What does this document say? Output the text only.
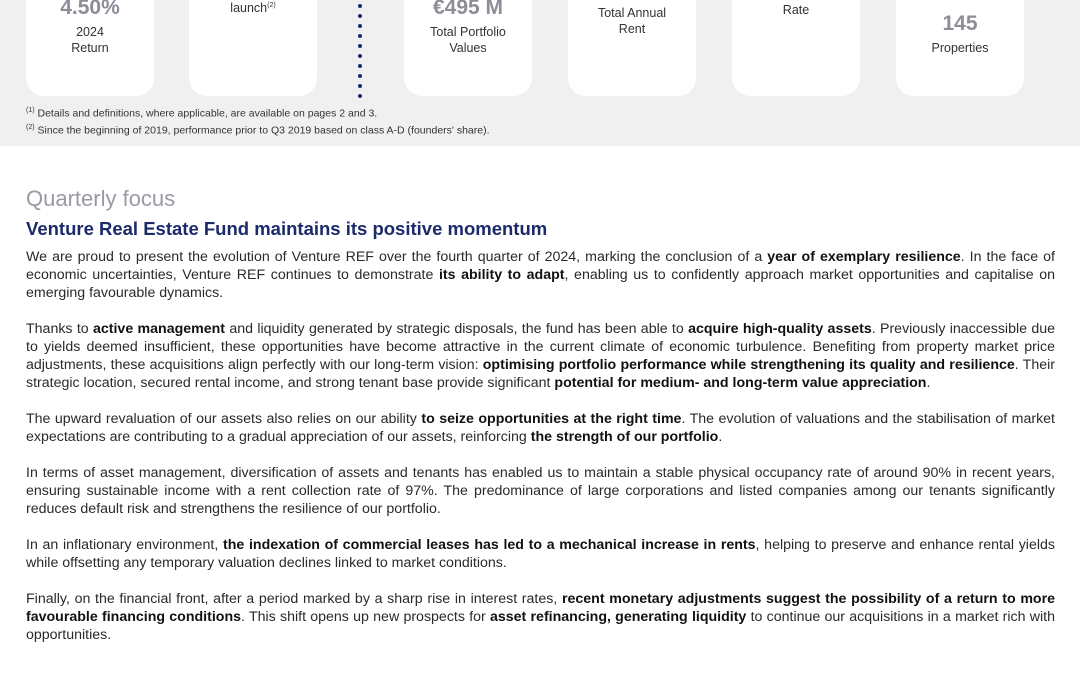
4.50%
2024
Return
launch$^{(2)}$	€495 M
Total Portfolio
Values
Total Annual
Rent
Rate
145
Properties
$^{(1)}$ Details and definitions, where applicable, are available on pages 2 and 3.
$^{(2)}$ Since the beginning of 2019, performance prior to Q3 2019 based on class A-D (founders' share).
Quarterly focus
Venture Real Estate Fund maintains its positive momentum

We are proud to present the evolution of Venture REF over the fourth quarter of 2024, marking the conclusion of a year of exemplary resilience. In the face of economic uncertainties, Venture REF continues to demonstrate its ability to adapt, enabling us to confidently approach market opportunities and capitalise on emerging favourable dynamics.

Thanks to active management and liquidity generated by strategic disposals, the fund has been able to acquire high-quality assets. Previously inaccessible due to yields deemed insufficient, these opportunities have become attractive in the current climate of economic turbulence. Benefiting from property market price adjustments, these acquisitions align perfectly with our long-term vision: optimising portfolio performance while strengthening its quality and resilience. Their strategic location, secured rental income, and strong tenant base provide significant potential for medium- and long-term value appreciation.

The upward revaluation of our assets also relies on our ability to seize opportunities at the right time. The evolution of valuations and the stabilisation of market expectations are contributing to a gradual appreciation of our assets, reinforcing the strength of our portfolio.

In terms of asset management, diversification of assets and tenants has enabled us to maintain a stable physical occupancy rate of around 90% in recent years, ensuring sustainable income with a rent collection rate of 97%. The predominance of large corporations and listed companies among our tenants significantly reduces default risk and strengthens the resilience of our portfolio.

In an inflationary environment, the indexation of commercial leases has led to a mechanical increase in rents, helping to preserve and enhance rental yields while offsetting any temporary valuation declines linked to market conditions.

Finally, on the financial front, after a period marked by a sharp rise in interest rates, recent monetary adjustments suggest the possibility of a return to more favourable financing conditions. This shift opens up new prospects for asset refinancing, generating liquidity to continue our acquisitions in a market rich with opportunities.
